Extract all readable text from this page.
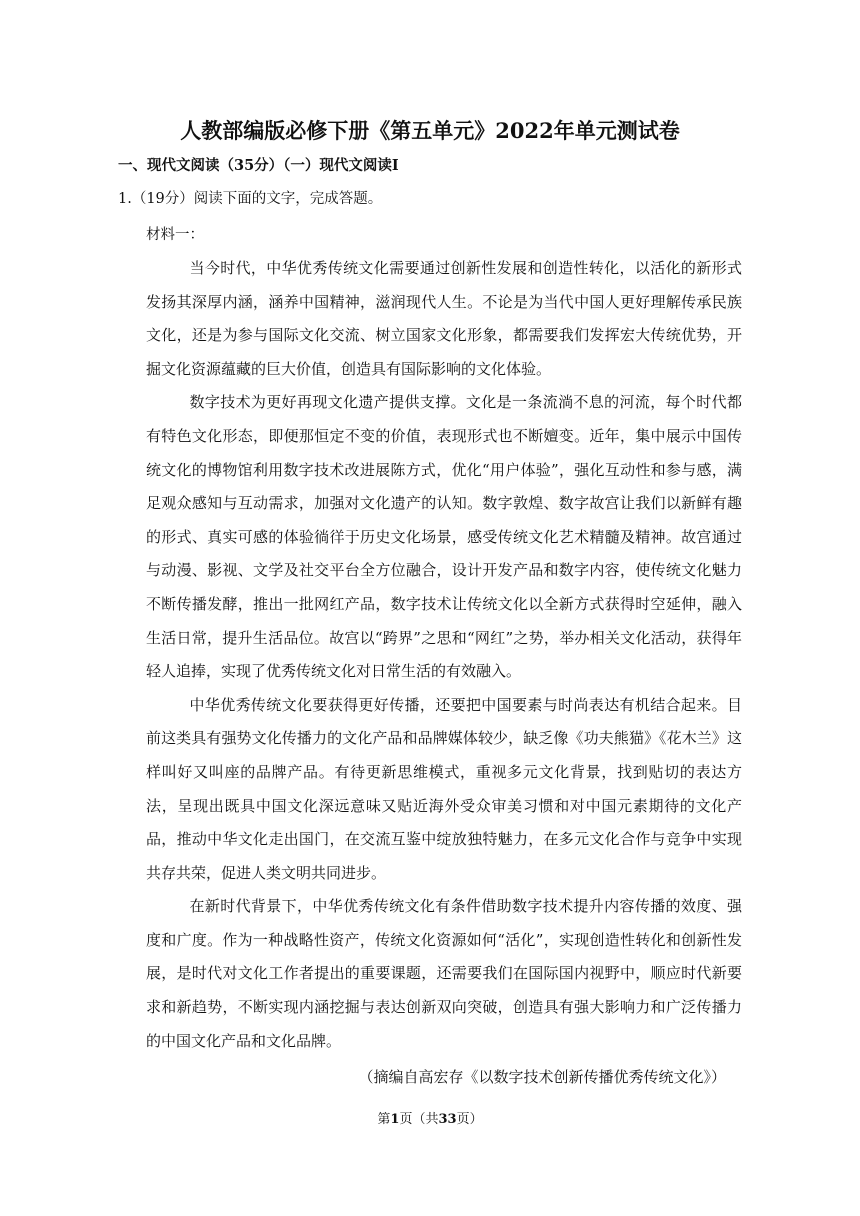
人教部编版必修下册《第五单元》2022年单元测试卷
一、现代文阅读（35分）（一）现代文阅读Ⅰ
1.（19分）阅读下面的文字，完成答题。
材料一：

当今时代，中华优秀传统文化需要通过创新性发展和创造性转化，以活化的新形式发扬其深厚内涵，涵养中国精神，滋润现代人生。不论是为当代中国人更好理解传承民族文化，还是为参与国际文化交流、树立国家文化形象，都需要我们发挥宏大传统优势，开掘文化资源蕴藏的巨大价值，创造具有国际影响的文化体验。

数字技术为更好再现文化遗产提供支撑。文化是一条流淌不息的河流，每个时代都有特色文化形态，即便那恒定不变的价值，表现形式也不断嬗变。近年，集中展示中国传统文化的博物馆利用数字技术改进展陈方式，优化“用户体验”，强化互动性和参与感，满足观众感知与互动需求，加强对文化遗产的认知。数字敦煌、数字故宫让我们以新鲜有趣的形式、真实可感的体验徜徉于历史文化场景，感受传统文化艺术精髓及精神。故宫通过与动漫、影视、文学及社交平台全方位融合，设计开发产品和数字内容，使传统文化魅力不断传播发酵，推出一批网红产品，数字技术让传统文化以全新方式获得时空延伸，融入生活日常，提升生活品位。故宫以“跨界”之思和“网红”之势，举办相关文化活动，获得年轻人追捧，实现了优秀传统文化对日常生活的有效融入。

中华优秀传统文化要获得更好传播，还要把中国要素与时尚表达有机结合起来。目前这类具有强势文化传播力的文化产品和品牌媒体较少，缺乏像《功夫熊猫》《花木兰》这样叫好又叫座的品牌产品。有待更新思维模式，重视多元文化背景，找到贴切的表达方法，呈现出既具中国文化深远意味又贴近海外受众审美习惯和对中国元素期待的文化产品，推动中华文化走出国门，在交流互鉴中绽放独特魅力，在多元文化合作与竞争中实现共存共荣，促进人类文明共同进步。

在新时代背景下，中华优秀传统文化有条件借助数字技术提升内容传播的效度、强度和广度。作为一种战略性资产，传统文化资源如何“活化”，实现创造性转化和创新性发展，是时代对文化工作者提出的重要课题，还需要我们在国际国内视野中，顺应时代新要求和新趋势，不断实现内涵挖掘与表达创新双向突破，创造具有强大影响力和广泛传播力的中国文化产品和文化品牌。

（摘编自高宏存《以数字技术创新传播优秀传统文化》）
第1页（共33页）
